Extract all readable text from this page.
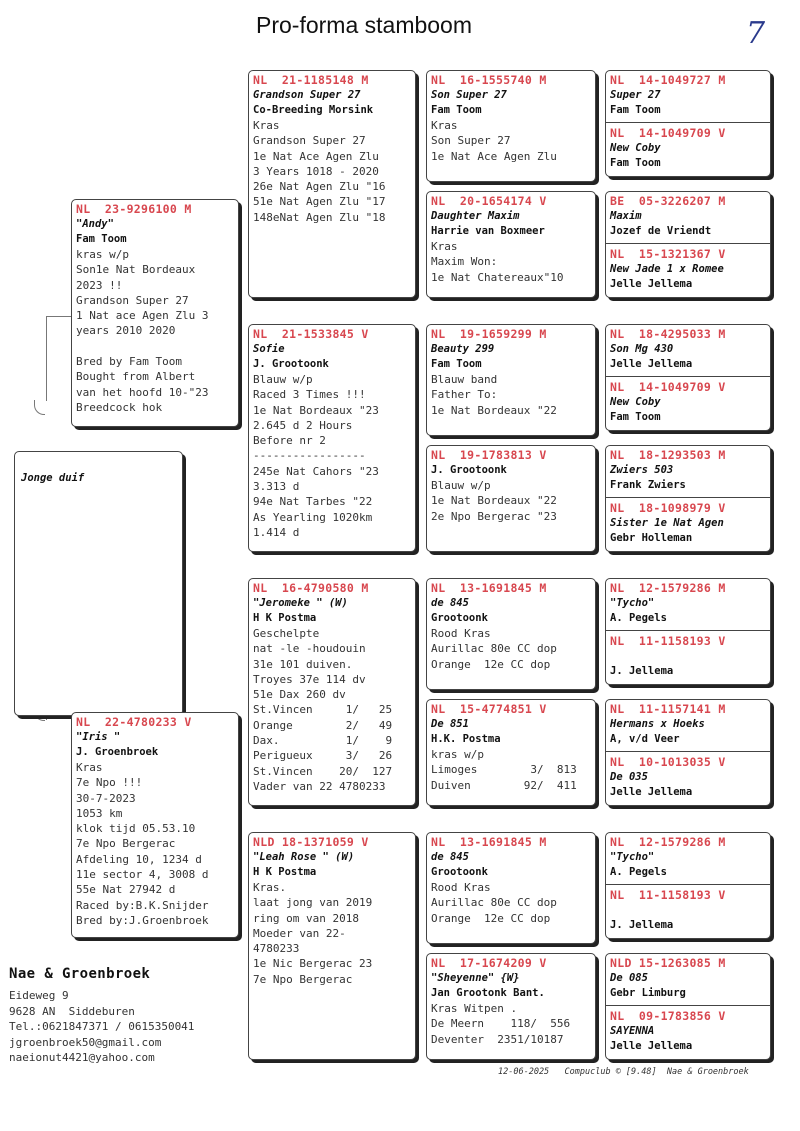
Pro-forma stamboom	7
Jonge duif
NL  23-9296100 M
"Andy"
Fam Toom
kras w/p
Son1e Nat Bordeaux
2023 !!
Grandson Super 27
1 Nat ace Agen Zlu 3
years 2010 2020

Bred by Fam Toom
Bought from Albert
van het hoofd 10-"23
Breedcock hok
NL  22-4780233 V
"Iris "
J. Groenbroek
Kras
7e Npo !!!
30-7-2023
1053 km
klok tijd 05.53.10
7e Npo Bergerac
Afdeling 10, 1234 d
11e sector 4, 3008 d
55e Nat 27942 d
Raced by:B.K.Snijder
Bred by:J.Groenbroek
NL  21-1185148 M
Grandson Super 27
Co-Breeding Morsink
Kras
Grandson Super 27
1e Nat Ace Agen Zlu
3 Years 1018 - 2020
26e Nat Agen Zlu "16
51e Nat Agen Zlu "17
148eNat Agen Zlu "18
NL  21-1533845 V
Sofie
J. Grootoonk
Blauw w/p
Raced 3 Times !!!
1e Nat Bordeaux "23
2.645 d 2 Hours
Before nr 2
-----------------
245e Nat Cahors "23
3.313 d
94e Nat Tarbes "22
As Yearling 1020km
1.414 d
NL  16-4790580 M
"Jeromeke " (W)
H K Postma
Geschelpte
nat -le -houdouin
31e 101 duiven.
Troyes 37e 114 dv
51e Dax 260 dv
St.Vincen     1/   25
Orange        2/   49
Dax.          1/    9
Perigueux     3/   26
St.Vincen    20/  127
Vader van 22 4780233
NLD 18-1371059 V
"Leah Rose " (W)
H K Postma
Kras.
laat jong van 2019
ring om van 2018
Moeder van 22-
4780233
1e Nic Bergerac 23
7e Npo Bergerac
NL  16-1555740 M
Son Super 27
Fam Toom
Kras
Son Super 27
1e Nat Ace Agen Zlu
NL  20-1654174 V
Daughter Maxim
Harrie van Boxmeer
Kras
Maxim Won:
1e Nat Chatereaux"10
NL  19-1659299 M
Beauty 299
Fam Toom
Blauw band
Father To:
1e Nat Bordeaux "22
NL  19-1783813 V
J. Grootoonk
Blauw w/p
1e Nat Bordeaux "22
2e Npo Bergerac "23
NL  13-1691845 M
de 845
Grootoonk
Rood Kras
Aurillac 80e CC dop
Orange  12e CC dop
NL  15-4774851 V
De 851
H.K. Postma
kras w/p
Limoges        3/  813
Duiven        92/  411
NL  13-1691845 M
de 845
Grootoonk
Rood Kras
Aurillac 80e CC dop
Orange  12e CC dop
NL  17-1674209 V
"Sheyenne" {W}
Jan Grootonk Bant.
Kras Witpen .
De Meern    118/  556
Deventer  2351/10187
NL  14-1049727 M
Super 27
Fam Toom
NL  14-1049709 V
New Coby
Fam Toom
BE  05-3226207 M
Maxim
Jozef de Vriendt
NL  15-1321367 V
New Jade 1 x Romee
Jelle Jellema
NL  18-4295033 M
Son Mg 430
Jelle Jellema
NL  14-1049709 V
New Coby
Fam Toom
NL  18-1293503 M
Zwiers 503
Frank Zwiers
NL  18-1098979 V
Sister 1e Nat Agen
Gebr Holleman
NL  12-1579286 M
"Tycho"
A. Pegels
NL  11-1158193 V

J. Jellema
NL  11-1157141 M
Hermans x Hoeks
A, v/d Veer
NL  10-1013035 V
De 035
Jelle Jellema
NL  12-1579286 M
"Tycho"
A. Pegels
NL  11-1158193 V

J. Jellema
NLD 15-1263085 M
De 085
Gebr Limburg
NL  09-1783856 V
SAYENNA
Jelle Jellema
Nae & Groenbroek
Eideweg 9
9628 AN  Siddeburen
Tel.:0621847371 / 0615350041
jgroenbroek50@gmail.com
naeionut4421@yahoo.com
12-06-2025   Compuclub © [9.48]  Nae & Groenbroek
